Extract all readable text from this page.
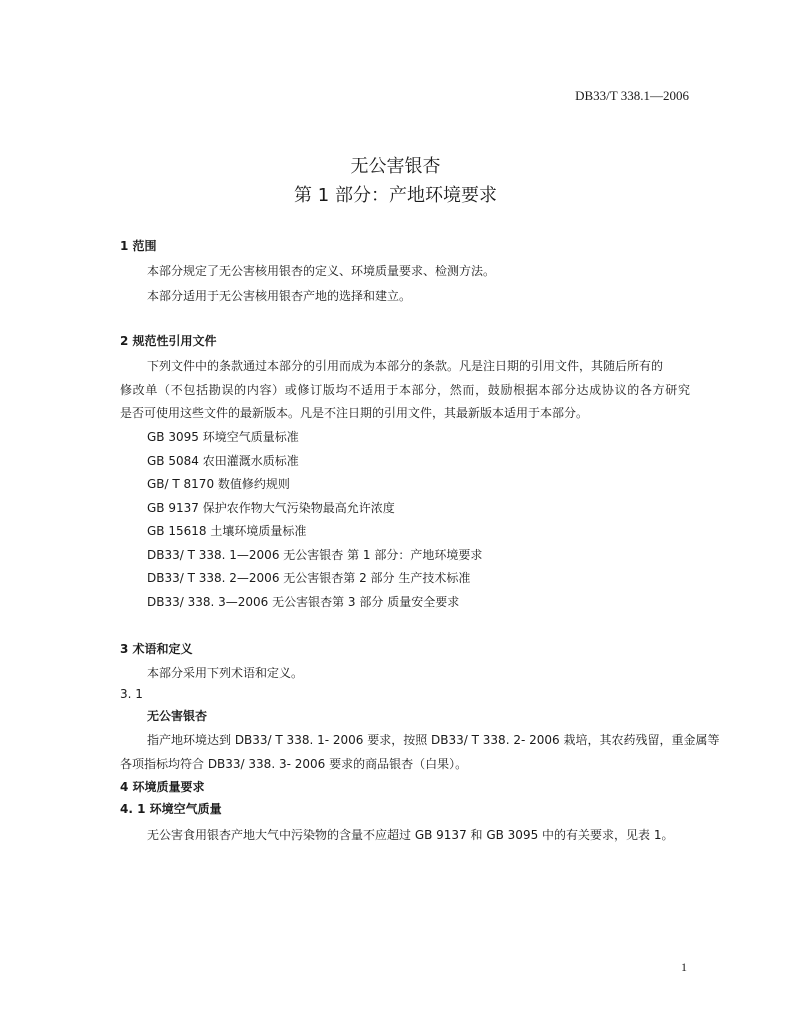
DB33/T 338.1—2006
无公害银杏
第 1 部分：产地环境要求
1 范围
本部分规定了无公害核用银杏的定义、环境质量要求、检测方法。
本部分适用于无公害核用银杏产地的选择和建立。
2 规范性引用文件
下列文件中的条款通过本部分的引用而成为本部分的条款。凡是注日期的引用文件，其随后所有的
修改单（不包括勘误的内容）或修订版均不适用于本部分，然而，鼓励根据本部分达成协议的各方研究
是否可使用这些文件的最新版本。凡是不注日期的引用文件，其最新版本适用于本部分。
GB 3095 环境空气质量标准
GB 5084 农田灌溉水质标准
GB/ T 8170 数值修约规则
GB 9137 保护农作物大气污染物最高允许浓度
GB 15618 土壤环境质量标准
DB33/ T 338. 1—2006 无公害银杏 第 1 部分：产地环境要求
DB33/ T 338. 2—2006 无公害银杏第 2 部分 生产技术标准
DB33/ 338. 3—2006 无公害银杏第 3 部分 质量安全要求
3 术语和定义
本部分采用下列术语和定义。
3. 1
无公害银杏
指产地环境达到 DB33/ T 338. 1- 2006 要求，按照 DB33/ T 338. 2- 2006 栽培，其农药残留，重金属等
各项指标均符合 DB33/ 338. 3- 2006 要求的商品银杏（白果）。
4 环境质量要求
4. 1 环境空气质量
无公害食用银杏产地大气中污染物的含量不应超过 GB 9137 和 GB 3095 中的有关要求，见表 1。
1
